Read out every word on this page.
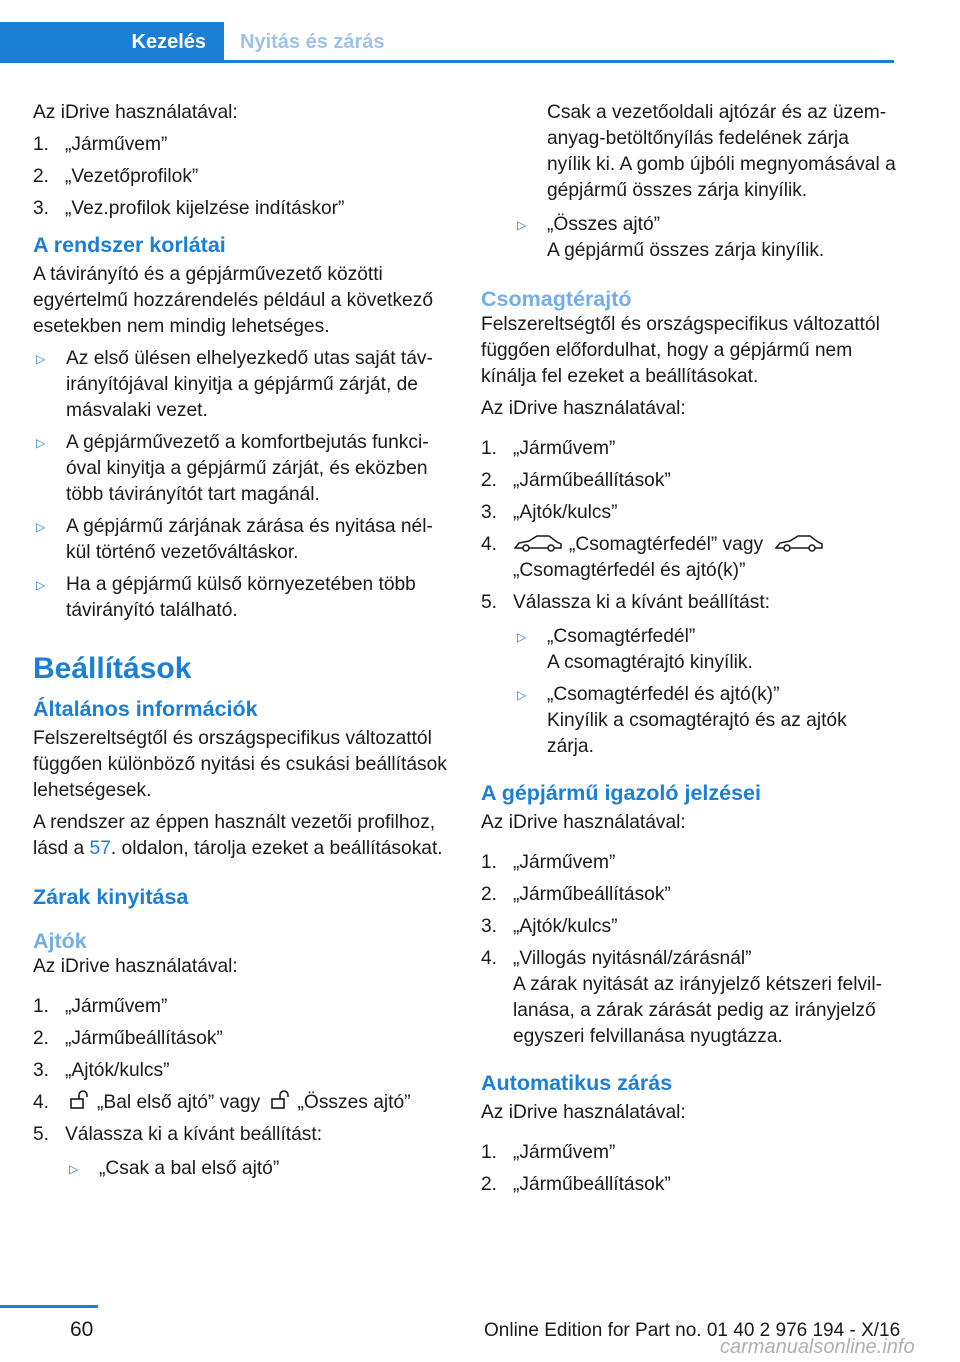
Kezelés	Nyitás és zárás

Az iDrive használatával:

1. „Járművem”
2. „Vezetőprofilok”
3. „Vez.profilok kijelzése indításkor”
A rendszer korlátai

A távirányító és a gépjárművezető közötti egyértelmű hozzárendelés például a következő esetekben nem mindig lehetséges.

▷ Az első ülésen elhelyezkedő utas saját távirányítójával kinyitja a gépjármű zárját, de másvalaki vezet.
▷ A gépjárművezető a komfortbejutás funkcióval kinyitja a gépjármű zárját, és eközben több távirányítót tart magánál.
▷ A gépjármű zárjának zárása és nyitása nélkül történő vezetőváltáskor.
▷ Ha a gépjármű külső környezetében több távirányító található.
Beállítások
Általános információk

Felszereltségtől és országspecifikus változattól függően különböző nyitási és csukási beállítások lehetségesek.

A rendszer az éppen használt vezetői profilhoz, lásd a 57. oldalon, tárolja ezeket a beállításokat.

Zárak kinyitása
Ajtók

Az iDrive használatával:

1. „Járművem”
2. „Járműbeállítások”
3. „Ajtók/kulcs”
4. „Bal első ajtó” vagy „Összes ajtó”
5. Válassza ki a kívánt beállítást:
▷ „Csak a bal első ajtó”

Csak a vezetőoldali ajtózár és az üzemanyag-betöltőnyílás fedelének zárja nyílik ki. A gomb újbóli megnyomásával a gépjármű összes zárja kinyílik.

▷ „Összes ajtó”
A gépjármű összes zárja kinyílik.
Csomagtérajtó

Felszereltségtől és országspecifikus változattól függően előfordulhat, hogy a gépjármű nem kínálja fel ezeket a beállításokat.

Az iDrive használatával:

1. „Járművem”
2. „Járműbeállítások”
3. „Ajtók/kulcs”
4.	„Csomagtérfedél” vagy
„Csomagtérfedél és ajtó(k)”
5. Válassza ki a kívánt beállítást:
▷ „Csomagtérfedél”
A csomagtérajtó kinyílik.
▷ „Csomagtérfedél és ajtó(k)”
Kinyílik a csomagtérajtó és az ajtók zárja.
A gépjármű igazoló jelzései

Az iDrive használatával:

1. „Járművem”
2. „Járműbeállítások”
3. „Ajtók/kulcs”
4. „Villogás nyitásnál/zárásnál”
A zárak nyitását az irányjelző kétszeri felvillanása, a zárak zárását pedig az irányjelző egyszeri felvillanása nyugtázza.
Automatikus zárás

Az iDrive használatával:

1. „Járművem”
2. „Járműbeállítások”
60	Online Edition for Part no. 01 40 2 976 194 - X/16
carmanualsonline.info
